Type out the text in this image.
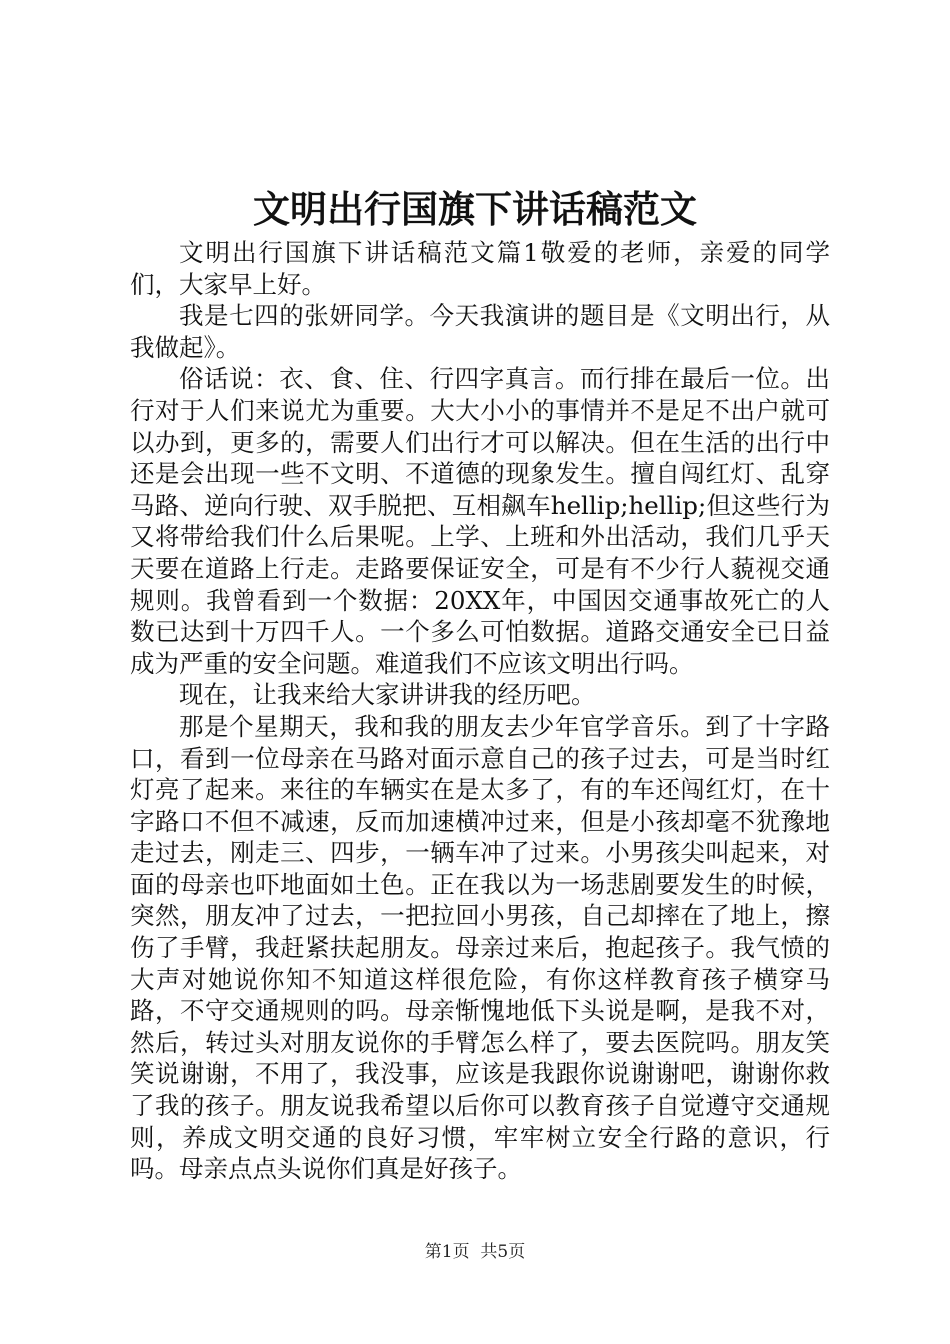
文明出行国旗下讲话稿范文

文明出行国旗下讲话稿范文篇1敬爱的老师，亲爱的同学们，大家早上好。

我是七四的张妍同学。今天我演讲的题目是《文明出行，从我做起》。

俗话说：衣、食、住、行四字真言。而行排在最后一位。出行对于人们来说尤为重要。大大小小的事情并不是足不出户就可以办到，更多的，需要人们出行才可以解决。但在生活的出行中还是会出现一些不文明、不道德的现象发生。擅自闯红灯、乱穿马路、逆向行驶、双手脱把、互相飙车hellip;hellip;但这些行为又将带给我们什么后果呢。上学、上班和外出活动，我们几乎天天要在道路上行走。走路要保证安全，可是有不少行人藐视交通规则。我曾看到一个数据：20XX年，中国因交通事故死亡的人数已达到十万四千人。一个多么可怕数据。道路交通安全已日益成为严重的安全问题。难道我们不应该文明出行吗。

现在，让我来给大家讲讲我的经历吧。

那是个星期天，我和我的朋友去少年官学音乐。到了十字路口，看到一位母亲在马路对面示意自己的孩子过去，可是当时红灯亮了起来。来往的车辆实在是太多了，有的车还闯红灯，在十字路口不但不减速，反而加速横冲过来，但是小孩却毫不犹豫地走过去，刚走三、四步，一辆车冲了过来。小男孩尖叫起来，对面的母亲也吓地面如土色。正在我以为一场悲剧要发生的时候，突然，朋友冲了过去，一把拉回小男孩，自己却摔在了地上，擦伤了手臂，我赶紧扶起朋友。母亲过来后，抱起孩子。我气愤的大声对她说你知不知道这样很危险，有你这样教育孩子横穿马路，不守交通规则的吗。母亲惭愧地低下头说是啊，是我不对，然后，转过头对朋友说你的手臂怎么样了，要去医院吗。朋友笑笑说谢谢，不用了，我没事，应该是我跟你说谢谢吧，谢谢你救了我的孩子。朋友说我希望以后你可以教育孩子自觉遵守交通规则，养成文明交通的良好习惯，牢牢树立安全行路的意识，行吗。母亲点点头说你们真是好孩子。

第1页 共5页
